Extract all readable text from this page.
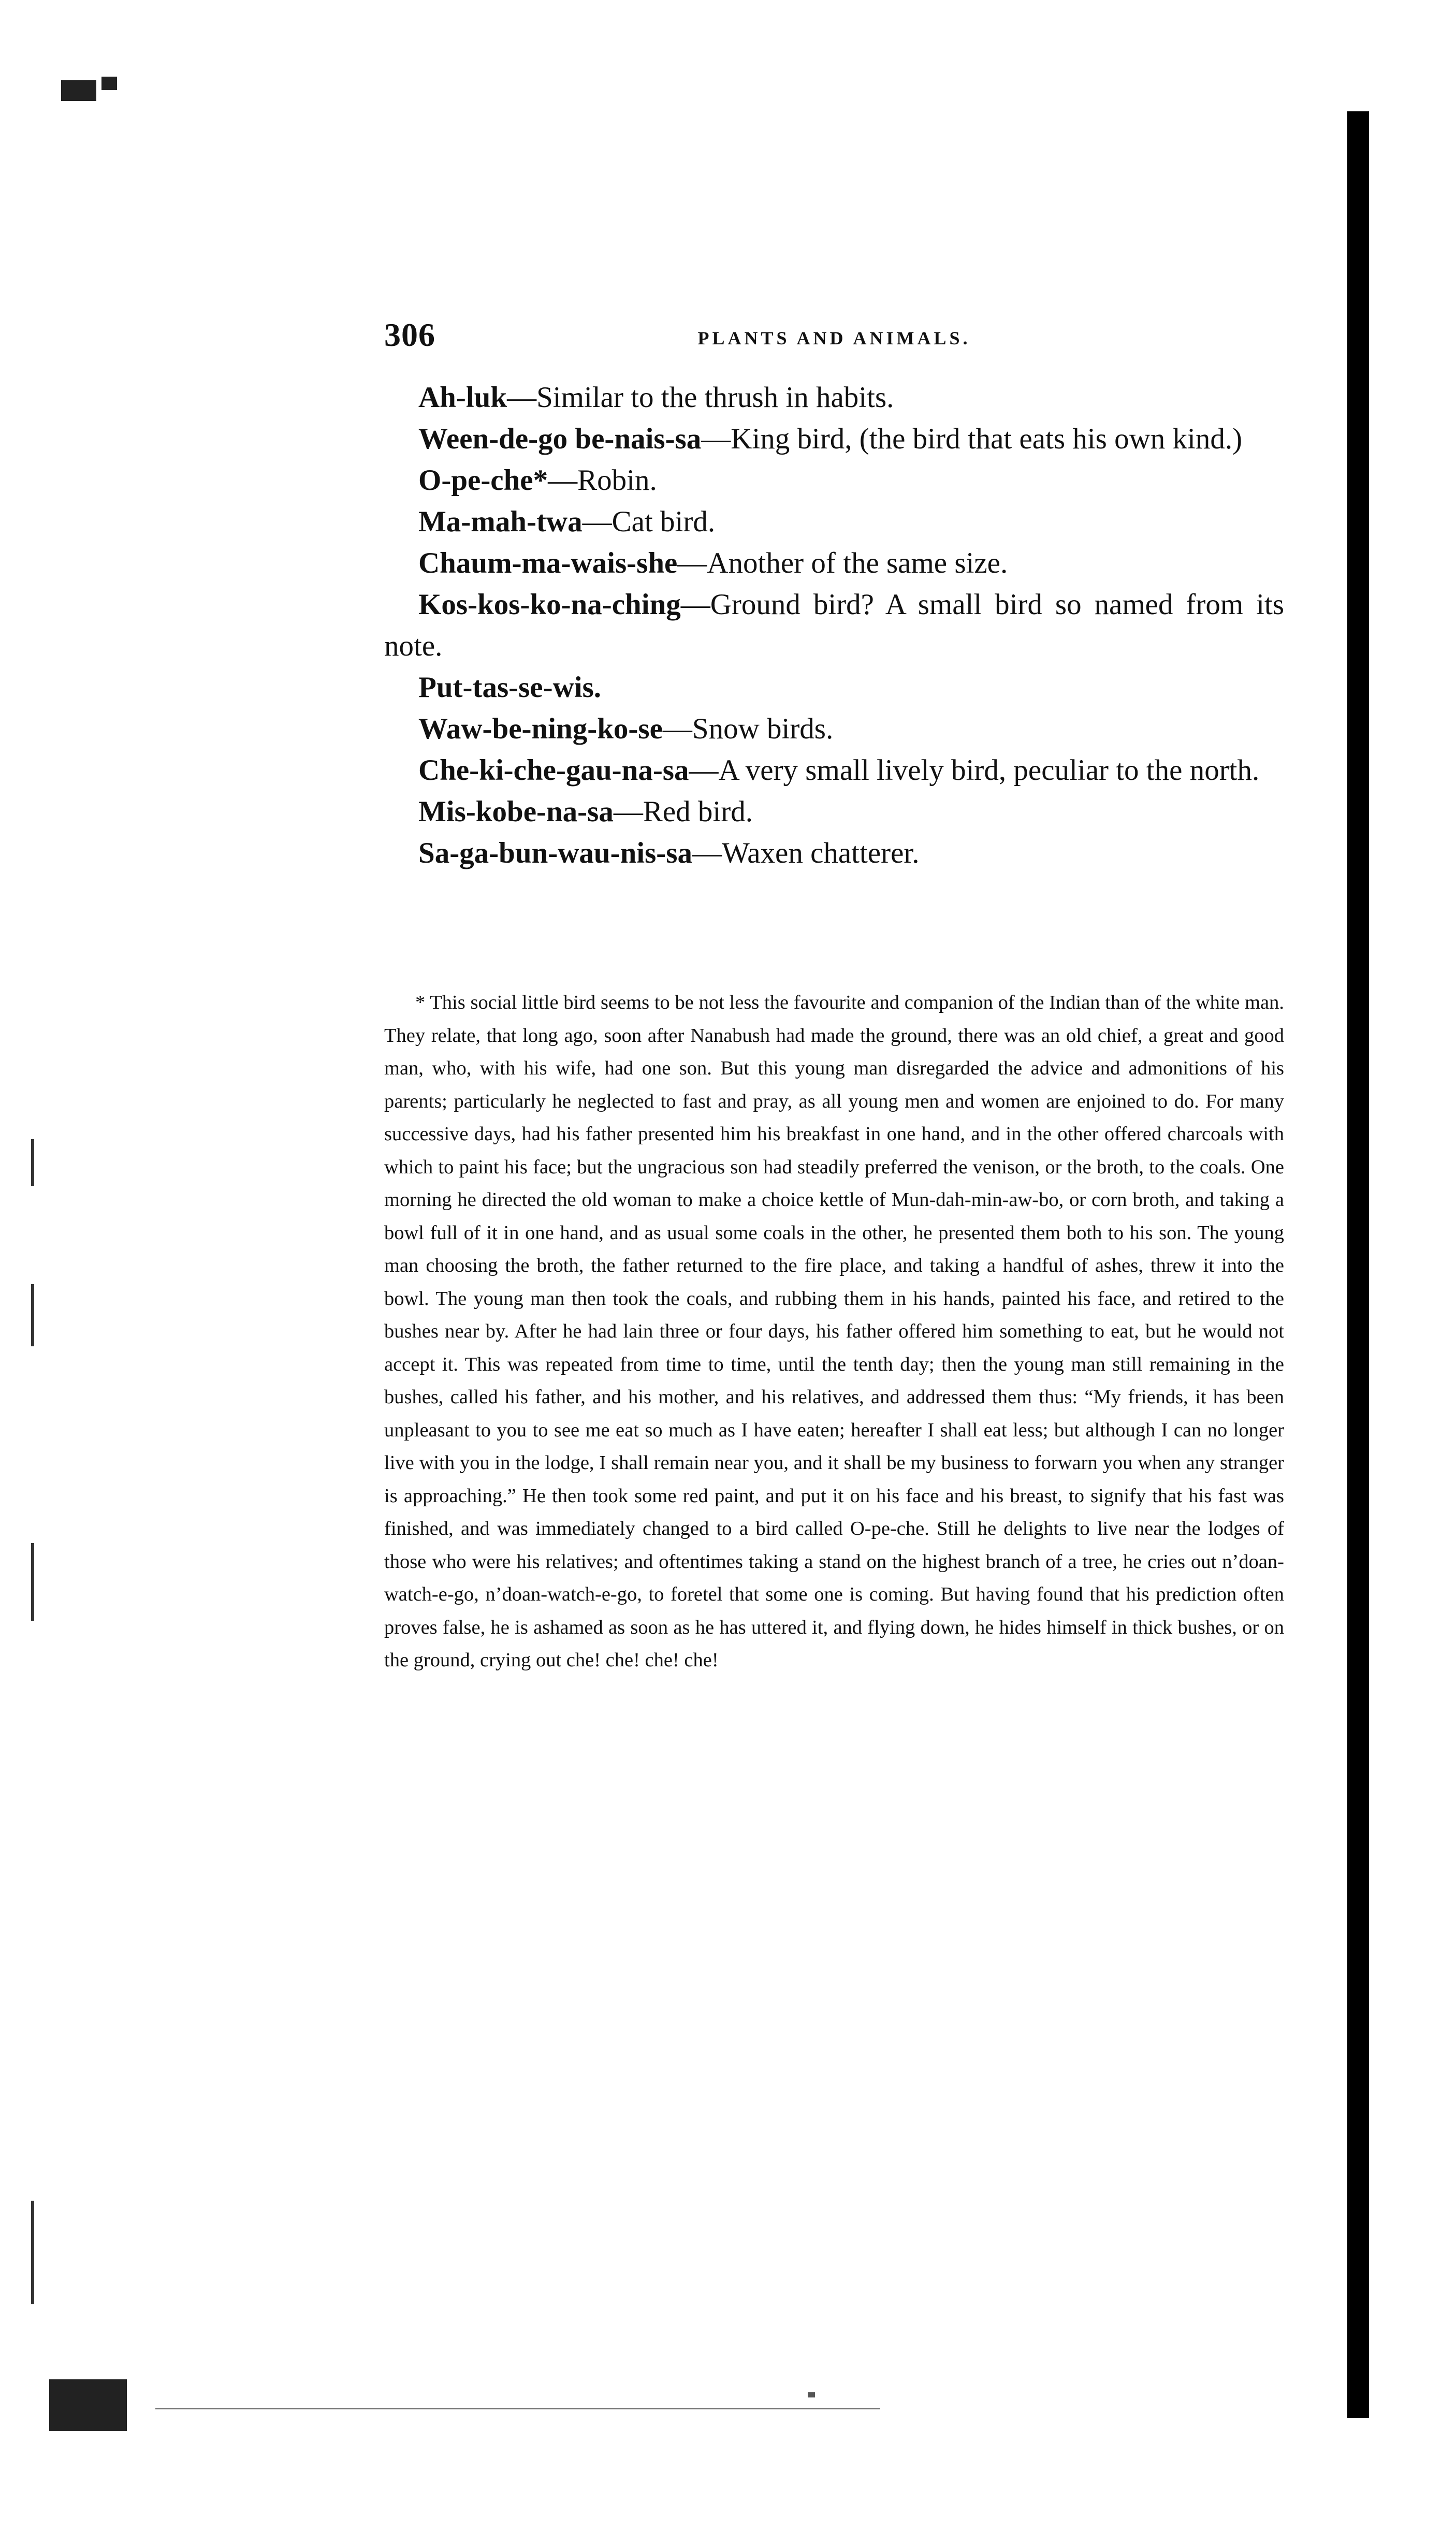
306	PLANTS AND ANIMALS.

Ah-luk—Similar to the thrush in habits.

Ween-de-go be-nais-sa—King bird, (the bird that eats his own kind.)

O-pe-che*—Robin.

Ma-mah-twa—Cat bird.

Chaum-ma-wais-she—Another of the same size.

Kos-kos-ko-na-ching—Ground bird? A small bird so named from its note.

Put-tas-se-wis.

Waw-be-ning-ko-se—Snow birds.

Che-ki-che-gau-na-sa—A very small lively bird, peculiar to the north.

Mis-kobe-na-sa—Red bird.

Sa-ga-bun-wau-nis-sa—Waxen chatterer.

* This social little bird seems to be not less the favourite and companion of the Indian than of the white man. They relate, that long ago, soon after Nanabush had made the ground, there was an old chief, a great and good man, who, with his wife, had one son. But this young man disregarded the advice and admonitions of his parents; particularly he neglected to fast and pray, as all young men and women are enjoined to do. For many successive days, had his father presented him his breakfast in one hand, and in the other offered charcoals with which to paint his face; but the ungracious son had steadily preferred the venison, or the broth, to the coals. One morning he directed the old woman to make a choice kettle of Mun-dah-min-aw-bo, or corn broth, and taking a bowl full of it in one hand, and as usual some coals in the other, he presented them both to his son. The young man choosing the broth, the father returned to the fire place, and taking a handful of ashes, threw it into the bowl. The young man then took the coals, and rubbing them in his hands, painted his face, and retired to the bushes near by. After he had lain three or four days, his father offered him something to eat, but he would not accept it. This was repeated from time to time, until the tenth day; then the young man still remaining in the bushes, called his father, and his mother, and his relatives, and addressed them thus: “My friends, it has been unpleasant to you to see me eat so much as I have eaten; hereafter I shall eat less; but although I can no longer live with you in the lodge, I shall remain near you, and it shall be my business to forwarn you when any stranger is approaching.” He then took some red paint, and put it on his face and his breast, to signify that his fast was finished, and was immediately changed to a bird called O-pe-che. Still he delights to live near the lodges of those who were his relatives; and oftentimes taking a stand on the highest branch of a tree, he cries out n’doan-watch-e-go, n’doan-watch-e-go, to foretel that some one is coming. But having found that his prediction often proves false, he is ashamed as soon as he has uttered it, and flying down, he hides himself in thick bushes, or on the ground, crying out che! che! che! che!
